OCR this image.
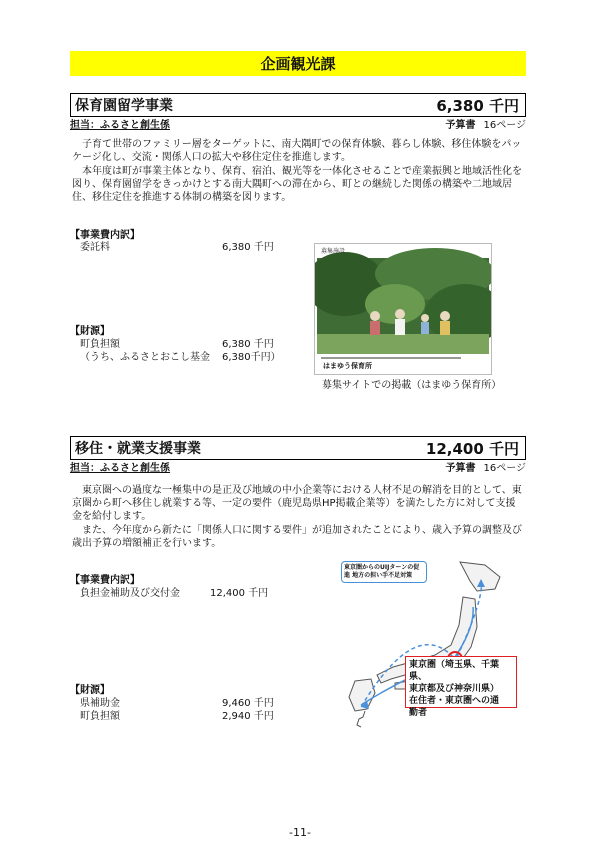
企画観光課
保育園留学事業	6,380 千円
担当：ふるさと創生係	予算書 16ページ

子育て世帯のファミリー層をターゲットに、南大隅町での保育体験、暮らし体験、移住体験をパッケージ化し、交流・関係人口の拡大や移住定住を推進します。

本年度は町が事業主体となり、保育、宿泊、観光等を一体化させることで産業振興と地域活性化を図り、保育園留学をきっかけとする南大隅町への滞在から、町との継続した関係の構築や二地域居住、移住定住を推進する体制の構築を図ります。

【事業費内訳】
委託料	6,380 千円
【財源】
町負担額	6,380 千円
（うち、ふるさとおこし基金	6,380千円）
募集施設
はまゆう保育所
募集サイトでの掲載（はまゆう保育所）
移住・就業支援事業	12,400 千円
担当：ふるさと創生係	予算書 16ページ

東京圏への過度な一極集中の是正及び地域の中小企業等における人材不足の解消を目的として、東京圏から町へ移住し就業する等、一定の要件（鹿児島県HP掲載企業等）を満たした方に対して支援金を給付します。

また、今年度から新たに「関係人口に関する要件」が追加されたことにより、歳入予算の調整及び歳出予算の増額補正を行います。

【事業費内訳】
負担金補助及び交付金	12,400 千円
【財源】
県補助金	9,460 千円
町負担額	2,940 千円
東京圏からのUIJターンの促進 地方の担い手不足対策
東京圏（埼玉県、千葉県、
東京都及び神奈川県）
在住者・東京圏への通
勤者
-11-
